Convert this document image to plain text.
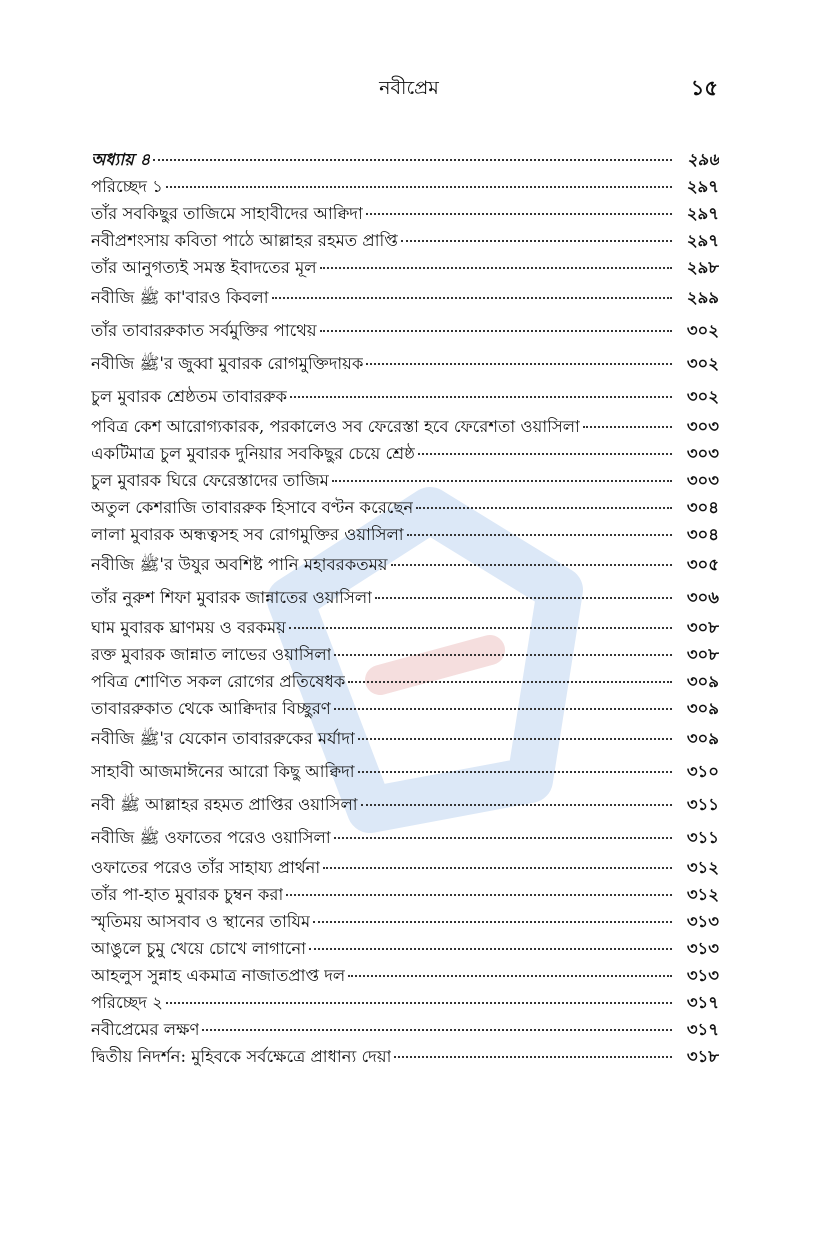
নবীপ্রেম	১৫
অধ্যায় ৪	২৯৬
পরিচ্ছেদ ১	২৯৭
তাঁর সবকিছুর তাজিমে সাহাবীদের আক্বিদা	২৯৭
নবীপ্রশংসায় কবিতা পাঠে আল্লাহর রহমত প্রাপ্তি	২৯৭
তাঁর আনুগত্যই সমস্ত ইবাদতের মূল	২৯৮
নবীজি ﷺ কা'বারও কিবলা	২৯৯
তাঁর তাবাররুকাত সর্বমুক্তির পাথেয়	৩০২
নবীজি ﷺ'র জুব্বা মুবারক রোগমুক্তিদায়ক	৩০২
চুল মুবারক শ্রেষ্ঠতম তাবাররুক	৩০২
পবিত্র কেশ আরোগ্যকারক, পরকালেও সব ফেরেস্তা হবে ফেরেশতা ওয়াসিলা	৩০৩
একটিমাত্র চুল মুবারক দুনিয়ার সবকিছুর চেয়ে শ্রেষ্ঠ	৩০৩
চুল মুবারক ঘিরে ফেরেস্তাদের তাজিম	৩০৩
অতুল কেশরাজি তাবাররুক হিসাবে বণ্টন করেছেন	৩০৪
লালা মুবারক অন্ধত্বসহ সব রোগমুক্তির ওয়াসিলা	৩০৪
নবীজি ﷺ'র উযুর অবশিষ্ট পানি মহাবরকতময়	৩০৫
তাঁর নুরুশ শিফা মুবারক জান্নাতের ওয়াসিলা	৩০৬
ঘাম মুবারক ঘ্রাণময় ও বরকময়	৩০৮
রক্ত মুবারক জান্নাত লাভের ওয়াসিলা	৩০৮
পবিত্র শোণিত সকল রোগের প্রতিষেধক	৩০৯
তাবাররুকাত থেকে আক্বিদার বিচ্ছুরণ	৩০৯
নবীজি ﷺ'র যেকোন তাবাররুকের মর্যাদা	৩০৯
সাহাবী আজমাঈনের আরো কিছু আক্বিদা	৩১০
নবী ﷺ আল্লাহর রহমত প্রাপ্তির ওয়াসিলা	৩১১
নবীজি ﷺ ওফাতের পরেও ওয়াসিলা	৩১১
ওফাতের পরেও তাঁর সাহায্য প্রার্থনা	৩১২
তাঁর পা-হাত মুবারক চুম্বন করা	৩১২
স্মৃতিময় আসবাব ও স্থানের তাযিম	৩১৩
আঙুলে চুমু খেয়ে চোখে লাগানো	৩১৩
আহলুস সুন্নাহ একমাত্র নাজাতপ্রাপ্ত দল	৩১৩
পরিচ্ছেদ ২	৩১৭
নবীপ্রেমের লক্ষণ	৩১৭
দ্বিতীয় নিদর্শন: মুহিবকে সর্বক্ষেত্রে প্রাধান্য দেয়া	৩১৮
